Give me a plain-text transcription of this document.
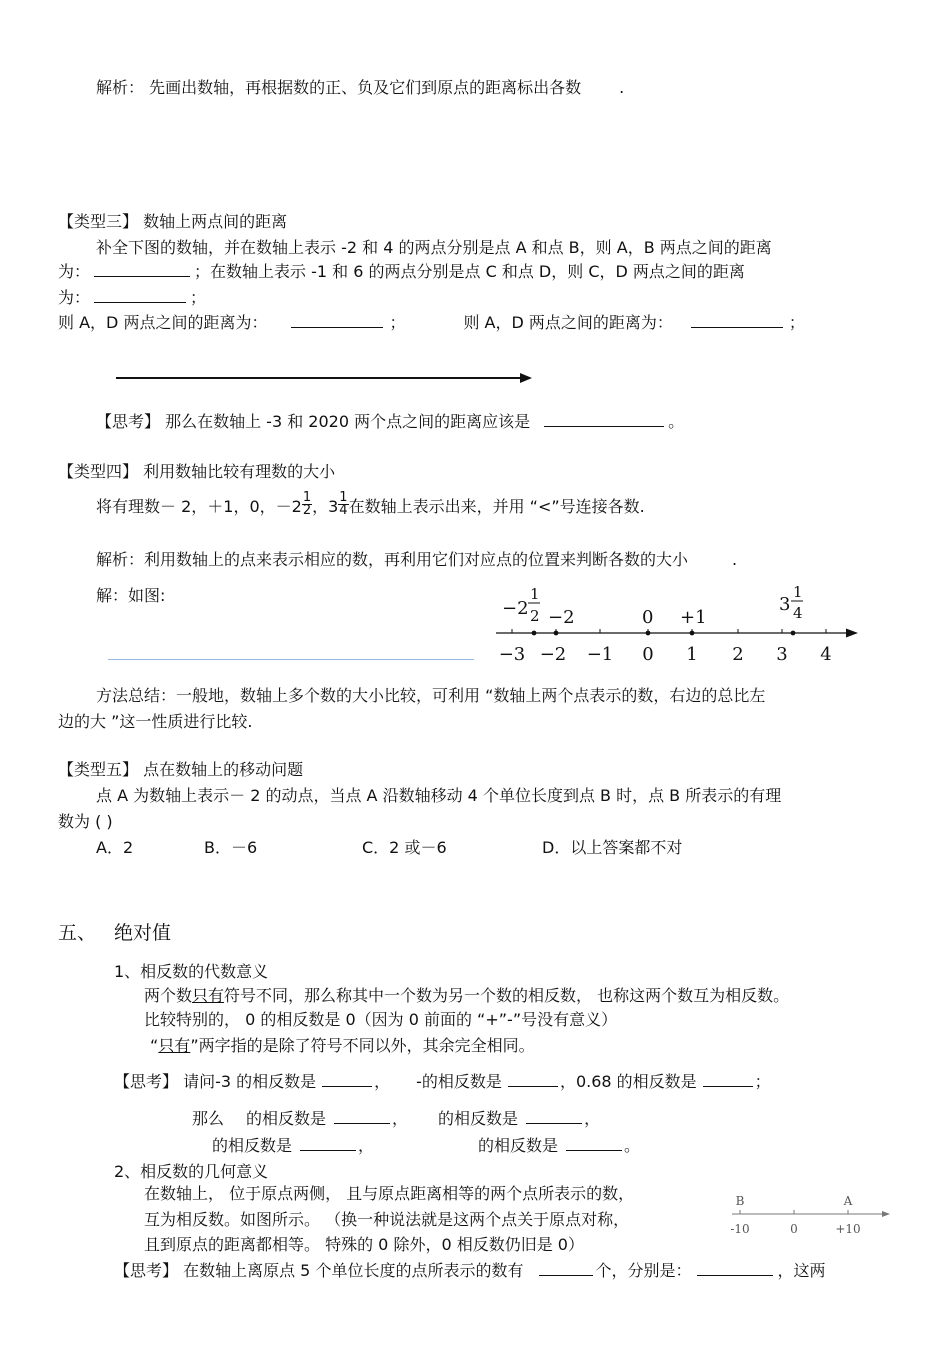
解析： 先画出数轴，再根据数的正、负及它们到原点的距离标出各数 .
【类型三】 数轴上两点间的距离
补全下图的数轴，并在数轴上表示 -2 和 4 的两点分别是点 A 和点 B，则 A，B 两点之间的距离
为：	；在数轴上表示 -1 和 6 的两点分别是点 C 和点 D，则 C，D 两点之间的距离
为：	；
则 A，D 两点之间的距离为：	；	则 A，D 两点之间的距离为：	；
【思考】 那么在数轴上 -3 和 2020 两个点之间的距离应该是	。
【类型四】 利用数轴比较有理数的大小
将有理数－ 2，＋1，0，$-2 \frac{1}{2}$ ，$3 \frac{1}{4}$ 在数轴上表示出来，并用 “<”号连接各数.
解析：利用数轴上的点来表示相应的数，再利用它们对应点的位置来判断各数的大小	.
解：如图:
−3 −2 −1 0 1 2 3 4
−2
1
2 −2	0 +1
3
1
4
方法总结：一般地，数轴上多个数的大小比较，可利用 “数轴上两个点表示的数，右边的总比左
边的大 ”这一性质进行比较.
【类型五】 点在数轴上的移动问题
点 A 为数轴上表示－ 2 的动点，当点 A 沿数轴移动 4 个单位长度到点 B 时，点 B 所表示的有理
数为 ( )
A．2	B．－6	C．2 或－6	D．以上答案都不对
五、 绝对值
1、相反数的代数意义
两个数只有符号不同，那么称其中一个数为另一个数的相反数， 也称这两个数互为相反数。
比较特别的， 0 的相反数是 0（因为 0 前面的 “+”-”号没有意义）
“只有”两字指的是除了符号不同以外，其余完全相同。
【思考】 请问-3 的相反数是	， -的相反数是	，0.68 的相反数是	；
那么 的相反数是	， 的相反数是	，
的相反数是	，	的相反数是	。
2、相反数的几何意义
在数轴上， 位于原点两侧， 且与原点距离相等的两个点所表示的数，
互为相反数。如图所示。 （换一种说法就是这两个点关于原点对称，
且到原点的距离都相等。 特殊的 0 除外，0 相反数仍旧是 0）
B	A
-10	0	+10
【思考】 在数轴上离原点 5 个单位长度的点所表示的数有	个，分别是：	，这两
